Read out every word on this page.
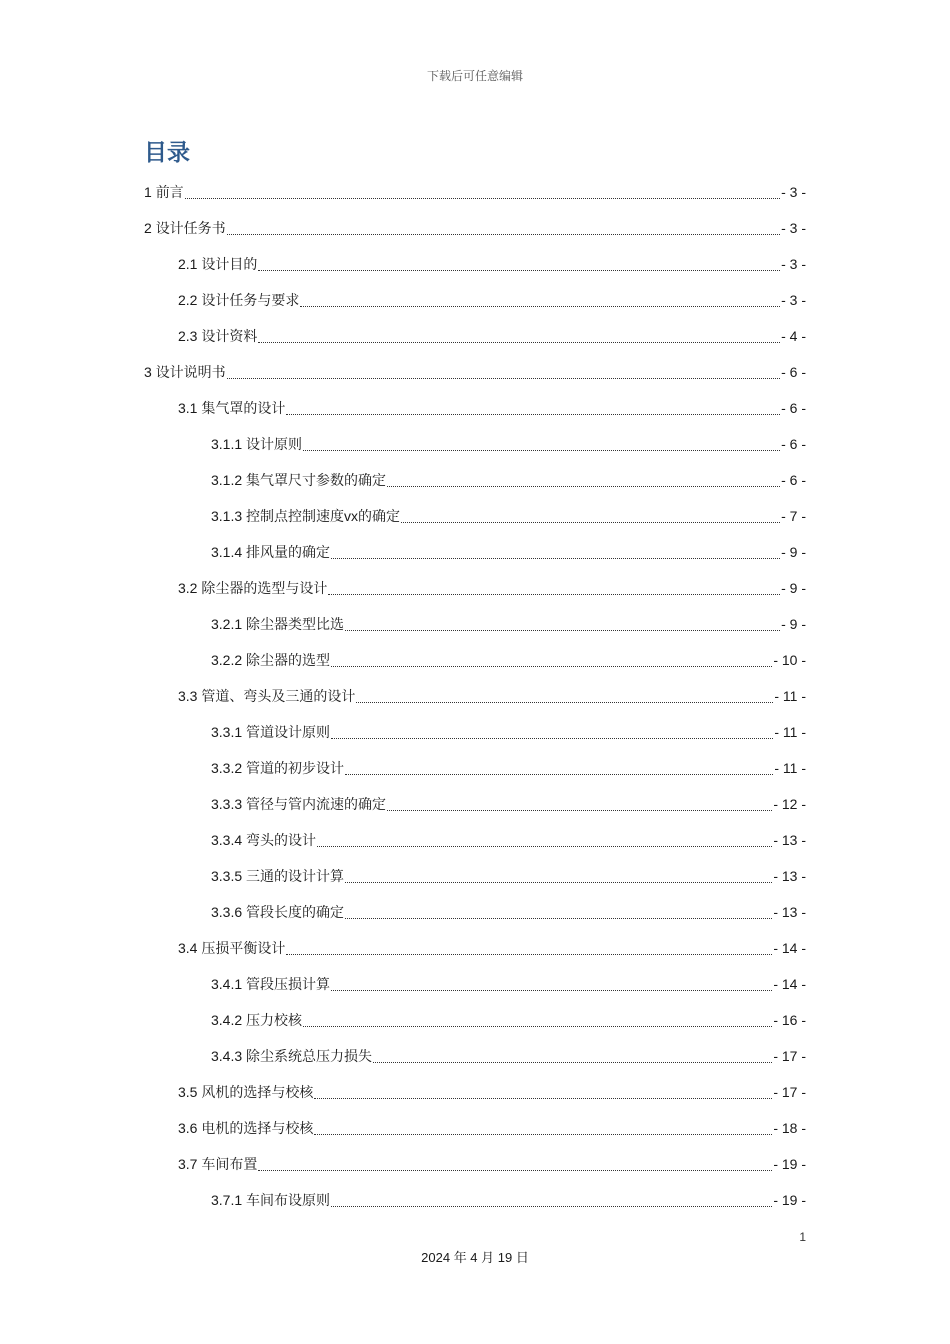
下载后可任意编辑
目录
1 前言	- 3 -
2 设计任务书	- 3 -
2.1 设计目的	- 3 -
2.2 设计任务与要求	- 3 -
2.3 设计资料	- 4 -
3 设计说明书	- 6 -
3.1 集气罩的设计	- 6 -
3.1.1 设计原则	- 6 -
3.1.2 集气罩尺寸参数的确定	- 6 -
3.1.3 控制点控制速度vx的确定	- 7 -
3.1.4 排风量的确定	- 9 -
3.2 除尘器的选型与设计	- 9 -
3.2.1 除尘器类型比选	- 9 -
3.2.2 除尘器的选型	- 10 -
3.3 管道、弯头及三通的设计	- 11 -
3.3.1 管道设计原则	- 11 -
3.3.2 管道的初步设计	- 11 -
3.3.3 管径与管内流速的确定	- 12 -
3.3.4 弯头的设计	- 13 -
3.3.5 三通的设计计算	- 13 -
3.3.6 管段长度的确定	- 13 -
3.4 压损平衡设计	- 14 -
3.4.1 管段压损计算	- 14 -
3.4.2 压力校核	- 16 -
3.4.3 除尘系统总压力损失	- 17 -
3.5 风机的选择与校核	- 17 -
3.6 电机的选择与校核	- 18 -
3.7 车间布置	- 19 -
3.7.1 车间布设原则	- 19 -
1
2024 年 4 月 19 日
